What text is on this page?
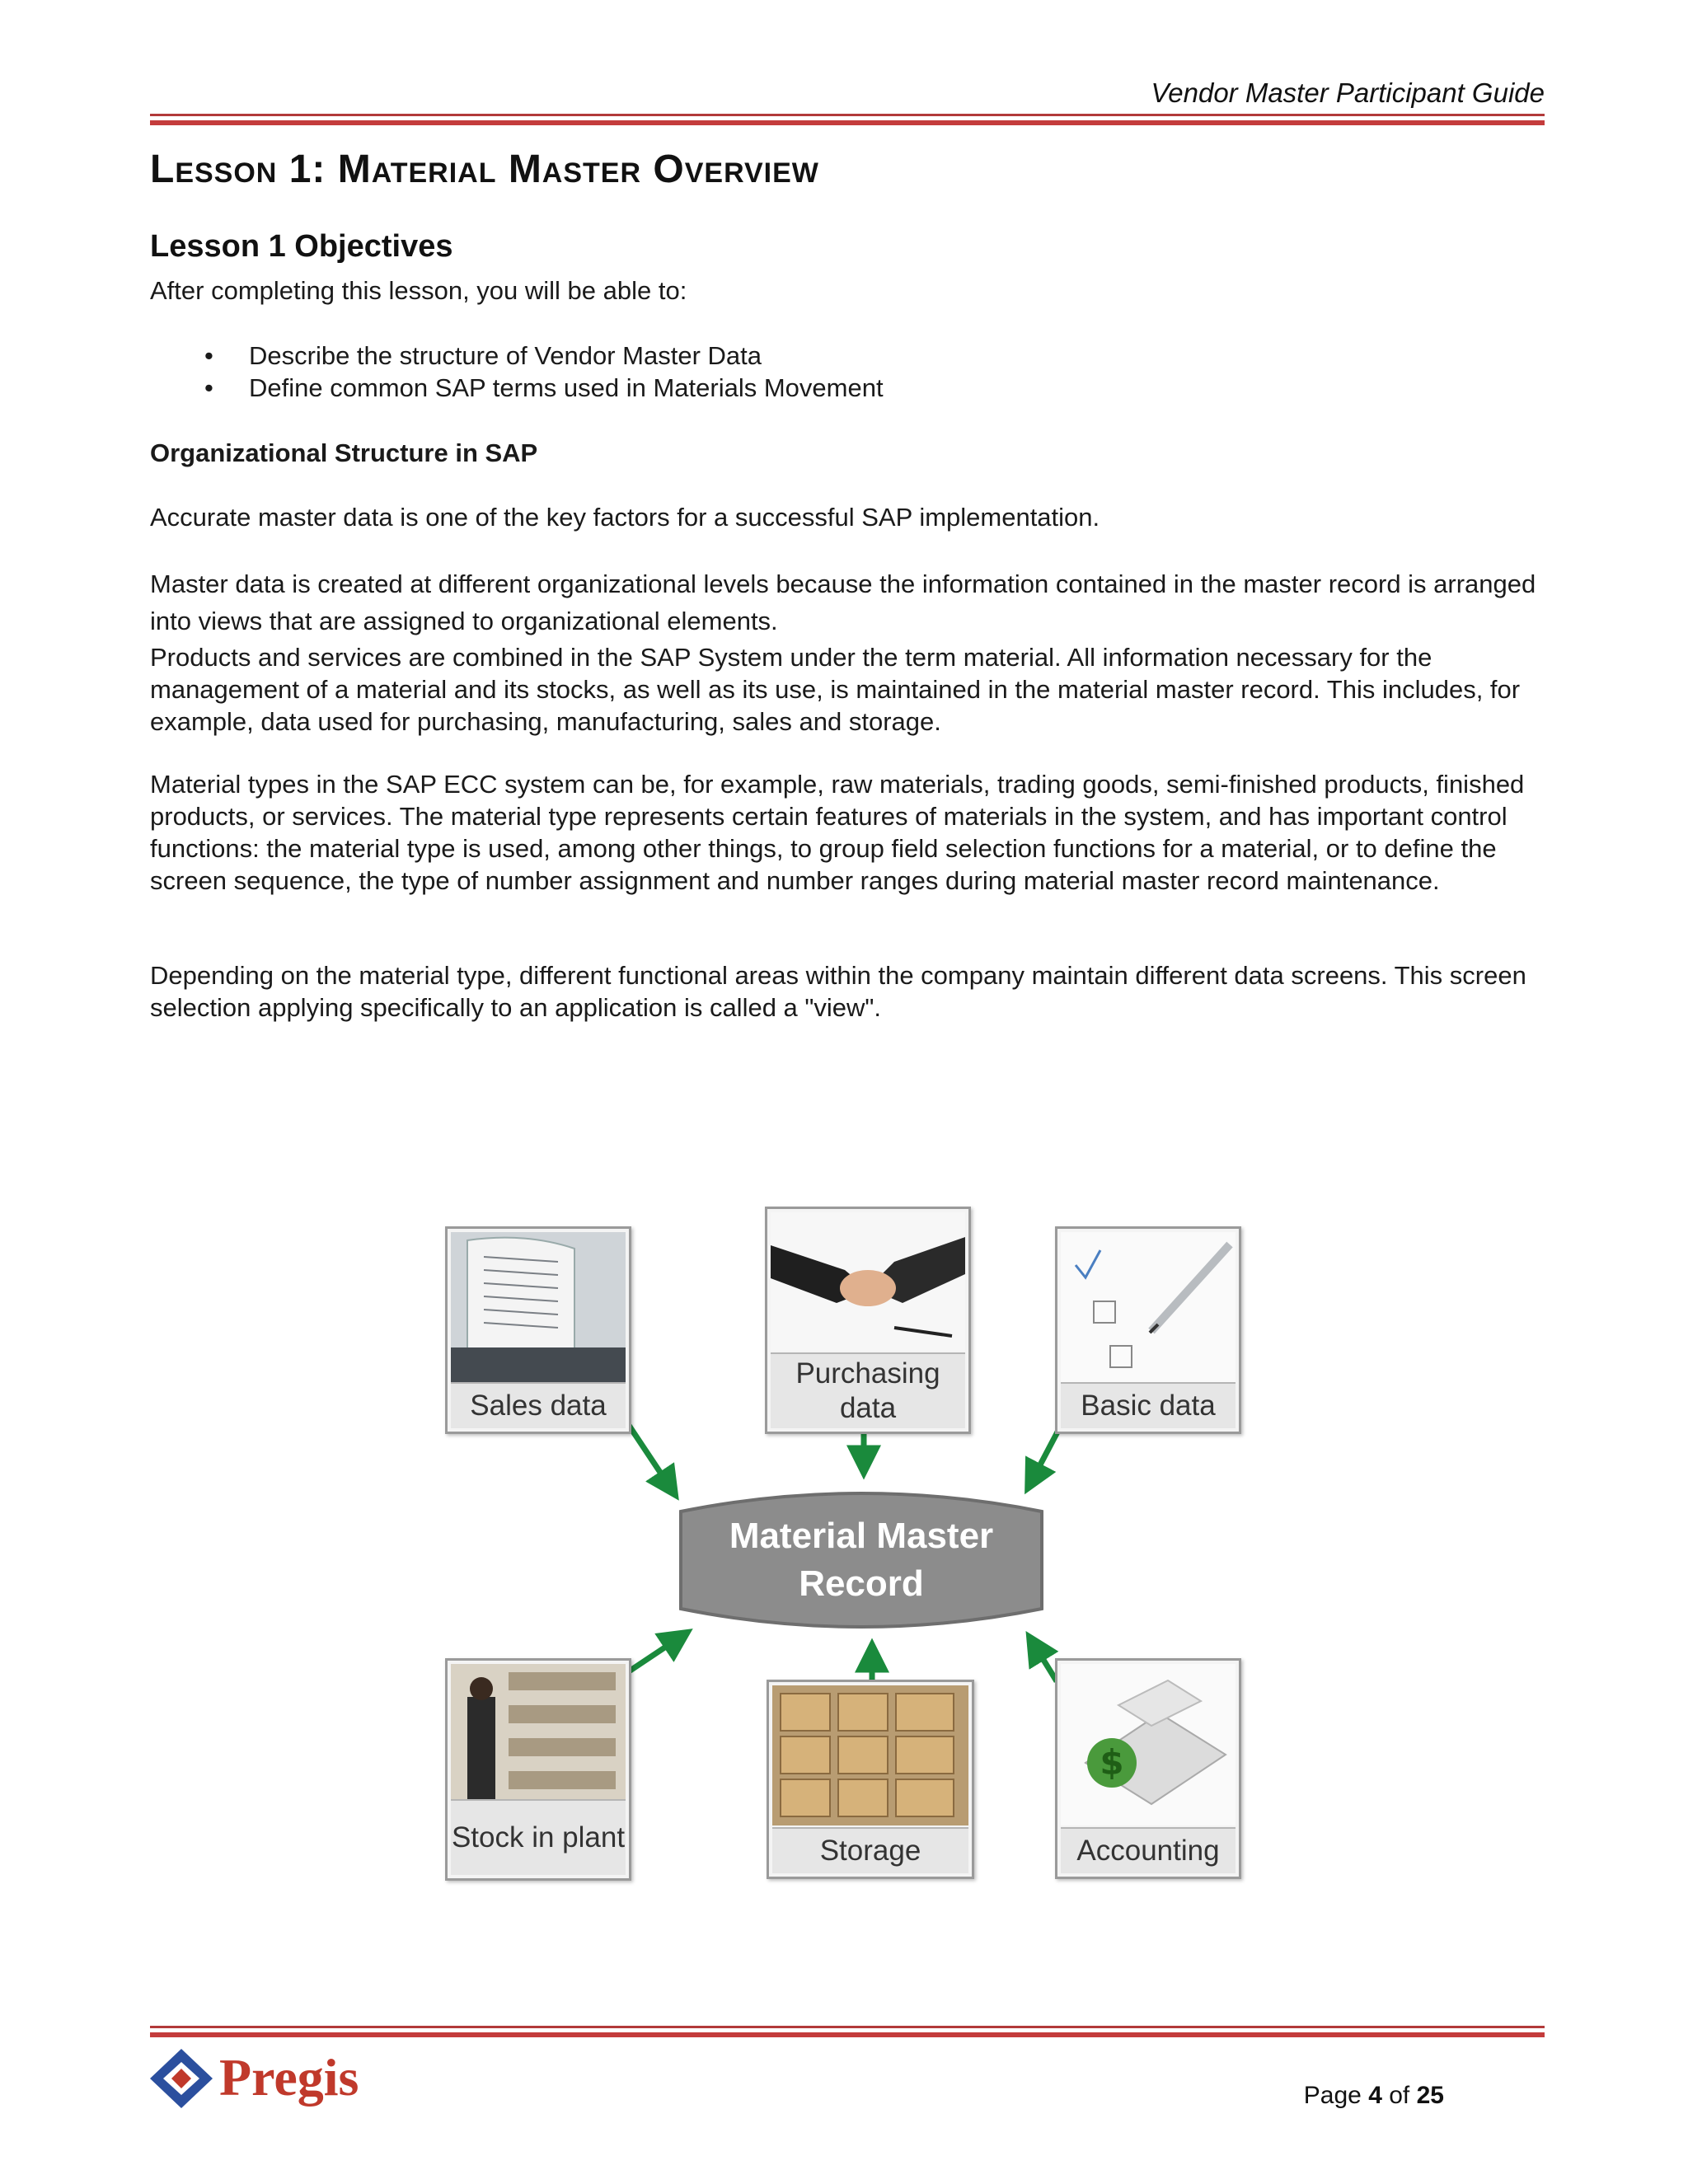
Vendor Master Participant Guide
Lesson 1: Material Master Overview
Lesson 1 Objectives

After completing this lesson, you will be able to:

• Describe the structure of Vendor Master Data
• Define common SAP terms used in Materials Movement
Organizational Structure in SAP

Accurate master data is one of the key factors for a successful SAP implementation.

Master data is created at different organizational levels because the information contained in the master record is arranged into views that are assigned to organizational elements.

Products and services are combined in the SAP System under the term material. All information necessary for the management of a material and its stocks, as well as its use, is maintained in the material master record. This includes, for example, data used for purchasing, manufacturing, sales and storage.

Material types in the SAP ECC system can be, for example, raw materials, trading goods, semi-finished products, finished products, or services. The material type represents certain features of materials in the system, and has important control functions: the material type is used, among other things, to group field selection functions for a material, or to define the screen sequence, the type of number assignment and number ranges during material master record maintenance.

Depending on the material type, different functional areas within the company maintain different data screens. This screen selection applying specifically to an application is called a "view".

Sales data
Purchasing data	Basic data
Material Master
Record
Stock in plant	Storage
$
Accounting
Pregis	Page 4 of 25
